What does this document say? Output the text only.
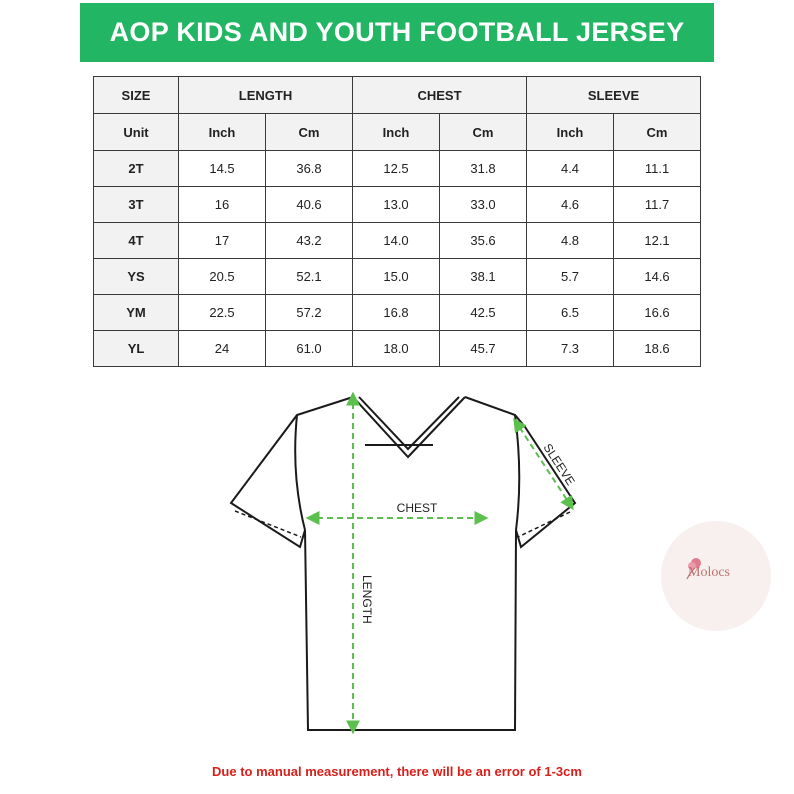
AOP KIDS AND YOUTH FOOTBALL JERSEY
SIZE	LENGTH		CHEST		SLEEVE	
Unit	Inch	Cm	Inch	Cm	Inch	Cm
2T	14.5	36.8	12.5	31.8	4.4	11.1
3T	16	40.6	13.0	33.0	4.6	11.7
4T	17	43.2	14.0	35.6	4.8	12.1
YS	20.5	52.1	15.0	38.1	5.7	14.6
YM	22.5	57.2	16.8	42.5	6.5	16.6
YL	24	61.0	18.0	45.7	7.3	18.6
CHEST
LENGTH
SLEEVE
Molocs
Due to manual measurement, there will be an error of 1-3cm
